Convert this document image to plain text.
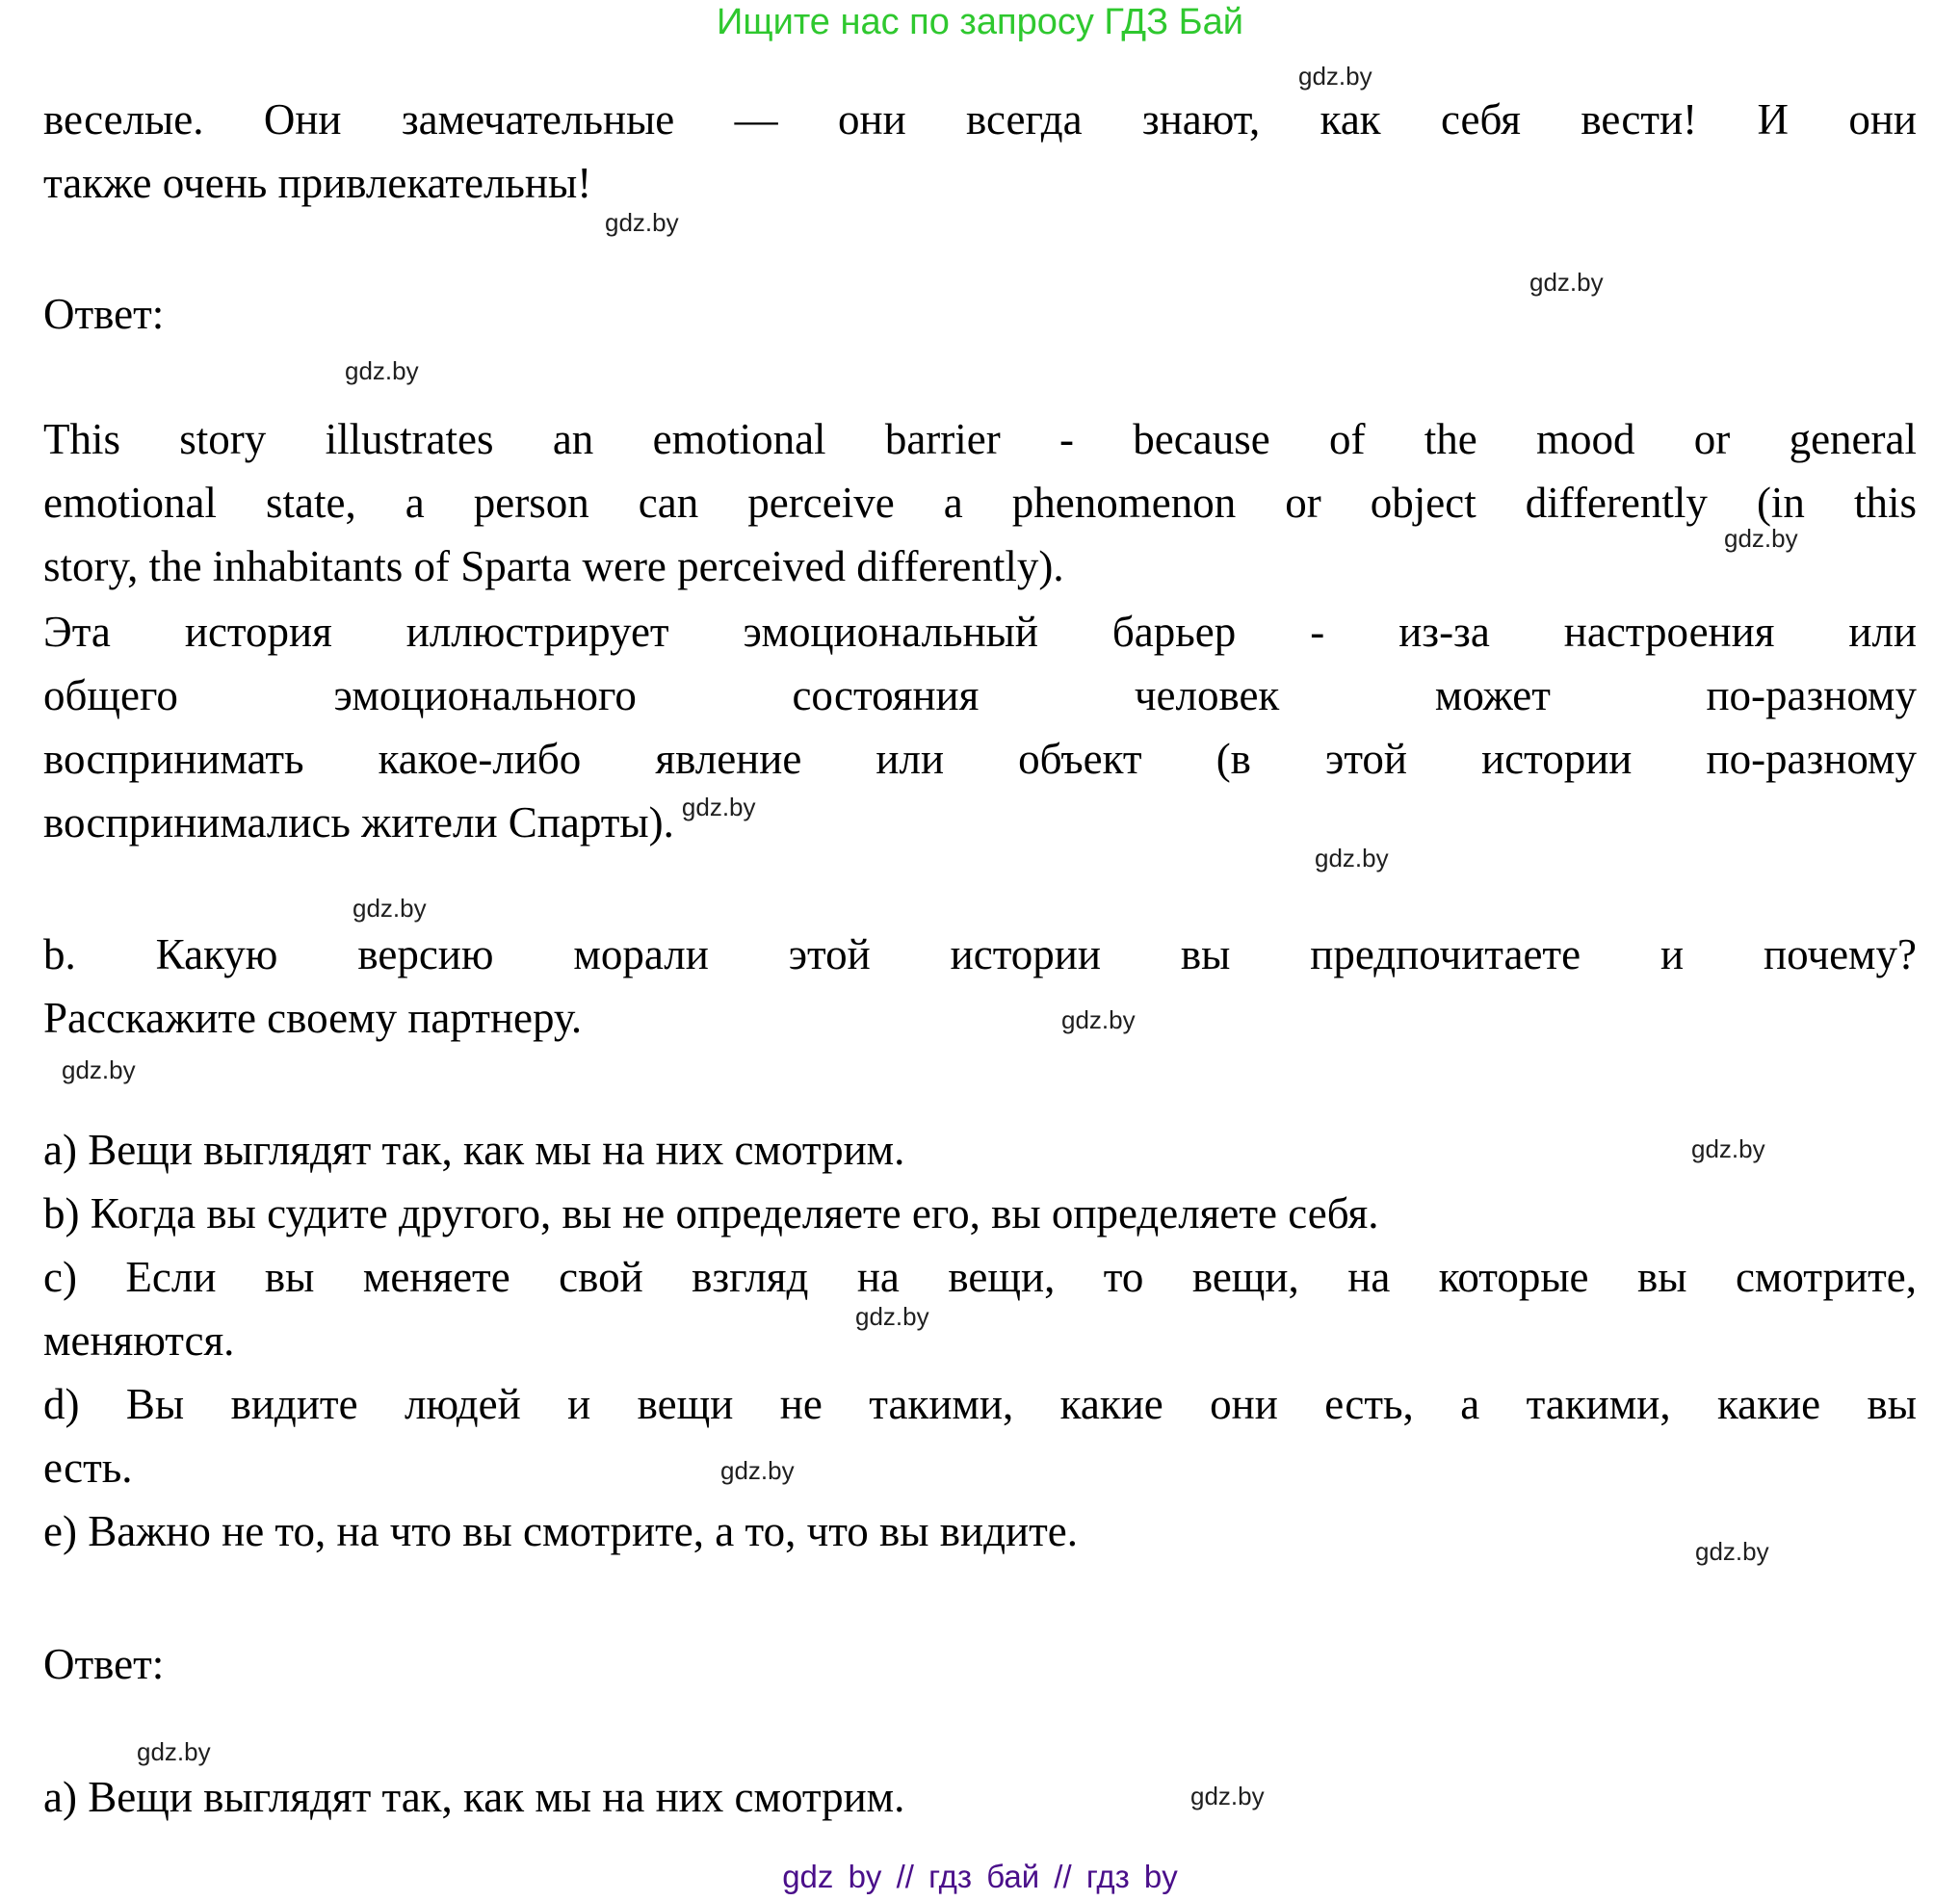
Ищите нас по запросу ГДЗ Бай
веселые. Они замечательные — они всегда знают, как себя вести! И они
также очень привлекательны!
Ответ:
This story illustrates an emotional barrier - because of the mood or general
emotional state, a person can perceive a phenomenon or object differently (in this
story, the inhabitants of Sparta were perceived differently).
Эта история иллюстрирует эмоциональный барьер - из-за настроения или
общего эмоционального состояния человек может по-разному
воспринимать какое-либо явление или объект (в этой истории по-разному
воспринимались жители Спарты). $^{gdz.by}$
b. Какую версию морали этой истории вы предпочитаете и почему?
Расскажите своему партнеру.
a) Вещи выглядят так, как мы на них смотрим.
b) Когда вы судите другого, вы не определяете его, вы определяете себя.
c) Если вы меняете свой взгляд на вещи, то вещи, на которые вы смотрите,
меняются.
d) Вы видите людей и вещи не такими, какие они есть, а такими, какие вы
есть.
e) Важно не то, на что вы смотрите, а то, что вы видите.
Ответ:
a) Вещи выглядят так, как мы на них смотрим.
gdz.by
gdz.by
gdz.by
gdz.by
gdz.by
gdz.by
gdz.by
gdz.by
gdz.by
gdz.by
gdz.by
gdz.by
gdz.by
gdz.by
gdz.by
gdz by // гдз бай // гдз by
